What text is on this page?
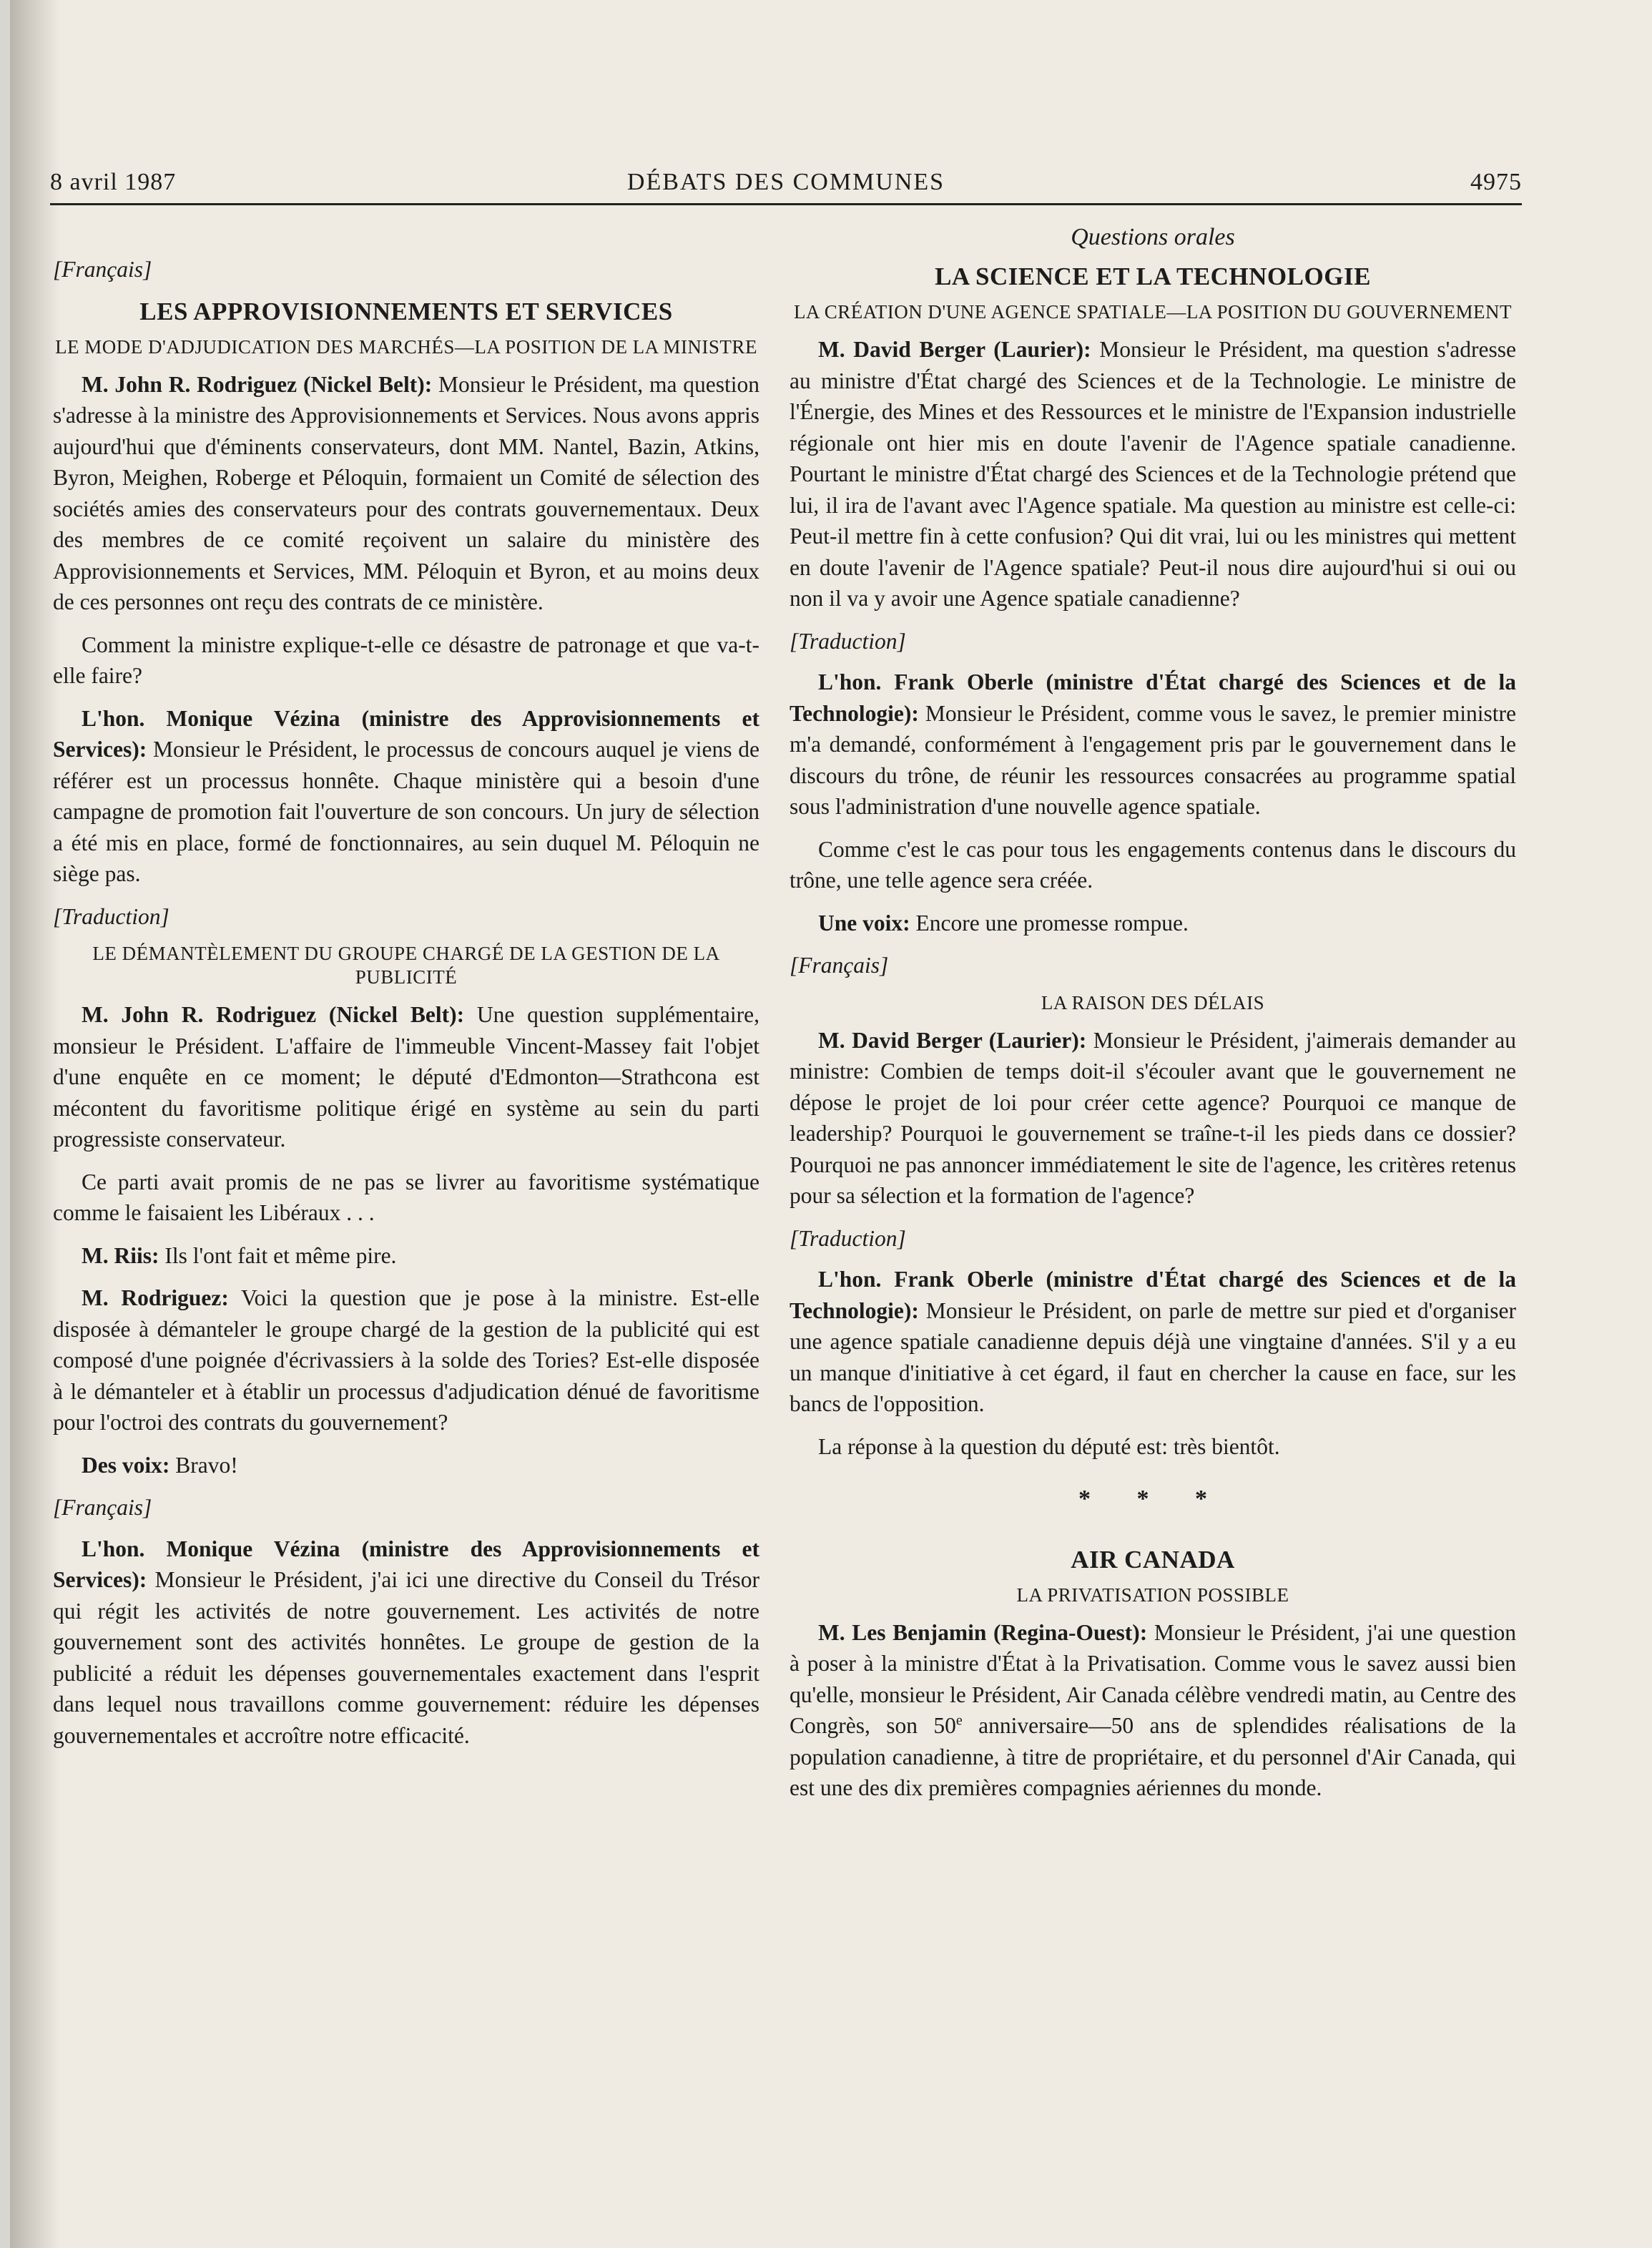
8 avril 1987	DÉBATS DES COMMUNES	4975
[Français]
LES APPROVISIONNEMENTS ET SERVICES
LE MODE D'ADJUDICATION DES MARCHÉS—LA POSITION DE LA MINISTRE

M. John R. Rodriguez (Nickel Belt): Monsieur le Président, ma question s'adresse à la ministre des Approvisionnements et Services. Nous avons appris aujourd'hui que d'éminents conservateurs, dont MM. Nantel, Bazin, Atkins, Byron, Meighen, Roberge et Péloquin, formaient un Comité de sélection des sociétés amies des conservateurs pour des contrats gouvernementaux. Deux des membres de ce comité reçoivent un salaire du ministère des Approvisionnements et Services, MM. Péloquin et Byron, et au moins deux de ces personnes ont reçu des contrats de ce ministère.

Comment la ministre explique-t-elle ce désastre de patronage et que va-t-elle faire?

L'hon. Monique Vézina (ministre des Approvisionnements et Services): Monsieur le Président, le processus de concours auquel je viens de référer est un processus honnête. Chaque ministère qui a besoin d'une campagne de promotion fait l'ouverture de son concours. Un jury de sélection a été mis en place, formé de fonctionnaires, au sein duquel M. Péloquin ne siège pas.

[Traduction]
LE DÉMANTÈLEMENT DU GROUPE CHARGÉ DE LA GESTION DE LA PUBLICITÉ

M. John R. Rodriguez (Nickel Belt): Une question supplémentaire, monsieur le Président. L'affaire de l'immeuble Vincent-Massey fait l'objet d'une enquête en ce moment; le député d'Edmonton—Strathcona est mécontent du favoritisme politique érigé en système au sein du parti progressiste conservateur.

Ce parti avait promis de ne pas se livrer au favoritisme systématique comme le faisaient les Libéraux . . .

M. Riis: Ils l'ont fait et même pire.

M. Rodriguez: Voici la question que je pose à la ministre. Est-elle disposée à démanteler le groupe chargé de la gestion de la publicité qui est composé d'une poignée d'écrivassiers à la solde des Tories? Est-elle disposée à le démanteler et à établir un processus d'adjudication dénué de favoritisme pour l'octroi des contrats du gouvernement?

Des voix: Bravo!

[Français]

L'hon. Monique Vézina (ministre des Approvisionnements et Services): Monsieur le Président, j'ai ici une directive du Conseil du Trésor qui régit les activités de notre gouvernement. Les activités de notre gouvernement sont des activités honnêtes. Le groupe de gestion de la publicité a réduit les dépenses gouvernementales exactement dans l'esprit dans lequel nous travaillons comme gouvernement: réduire les dépenses gouvernementales et accroître notre efficacité.

Questions orales
LA SCIENCE ET LA TECHNOLOGIE
LA CRÉATION D'UNE AGENCE SPATIALE—LA POSITION DU GOUVERNEMENT

M. David Berger (Laurier): Monsieur le Président, ma question s'adresse au ministre d'État chargé des Sciences et de la Technologie. Le ministre de l'Énergie, des Mines et des Ressources et le ministre de l'Expansion industrielle régionale ont hier mis en doute l'avenir de l'Agence spatiale canadienne. Pourtant le ministre d'État chargé des Sciences et de la Technologie prétend que lui, il ira de l'avant avec l'Agence spatiale. Ma question au ministre est celle-ci: Peut-il mettre fin à cette confusion? Qui dit vrai, lui ou les ministres qui mettent en doute l'avenir de l'Agence spatiale? Peut-il nous dire aujourd'hui si oui ou non il va y avoir une Agence spatiale canadienne?

[Traduction]

L'hon. Frank Oberle (ministre d'État chargé des Sciences et de la Technologie): Monsieur le Président, comme vous le savez, le premier ministre m'a demandé, conformément à l'engagement pris par le gouvernement dans le discours du trône, de réunir les ressources consacrées au programme spatial sous l'administration d'une nouvelle agence spatiale.

Comme c'est le cas pour tous les engagements contenus dans le discours du trône, une telle agence sera créée.

Une voix: Encore une promesse rompue.

[Français]
LA RAISON DES DÉLAIS

M. David Berger (Laurier): Monsieur le Président, j'aimerais demander au ministre: Combien de temps doit-il s'écouler avant que le gouvernement ne dépose le projet de loi pour créer cette agence? Pourquoi ce manque de leadership? Pourquoi le gouvernement se traîne-t-il les pieds dans ce dossier? Pourquoi ne pas annoncer immédiatement le site de l'agence, les critères retenus pour sa sélection et la formation de l'agence?

[Traduction]

L'hon. Frank Oberle (ministre d'État chargé des Sciences et de la Technologie): Monsieur le Président, on parle de mettre sur pied et d'organiser une agence spatiale canadienne depuis déjà une vingtaine d'années. S'il y a eu un manque d'initiative à cet égard, il faut en chercher la cause en face, sur les bancs de l'opposition.

La réponse à la question du député est: très bientôt.

* * *
AIR CANADA
LA PRIVATISATION POSSIBLE

M. Les Benjamin (Regina-Ouest): Monsieur le Président, j'ai une question à poser à la ministre d'État à la Privatisation. Comme vous le savez aussi bien qu'elle, monsieur le Président, Air Canada célèbre vendredi matin, au Centre des Congrès, son 50e anniversaire—50 ans de splendides réalisations de la population canadienne, à titre de propriétaire, et du personnel d'Air Canada, qui est une des dix premières compagnies aériennes du monde.
